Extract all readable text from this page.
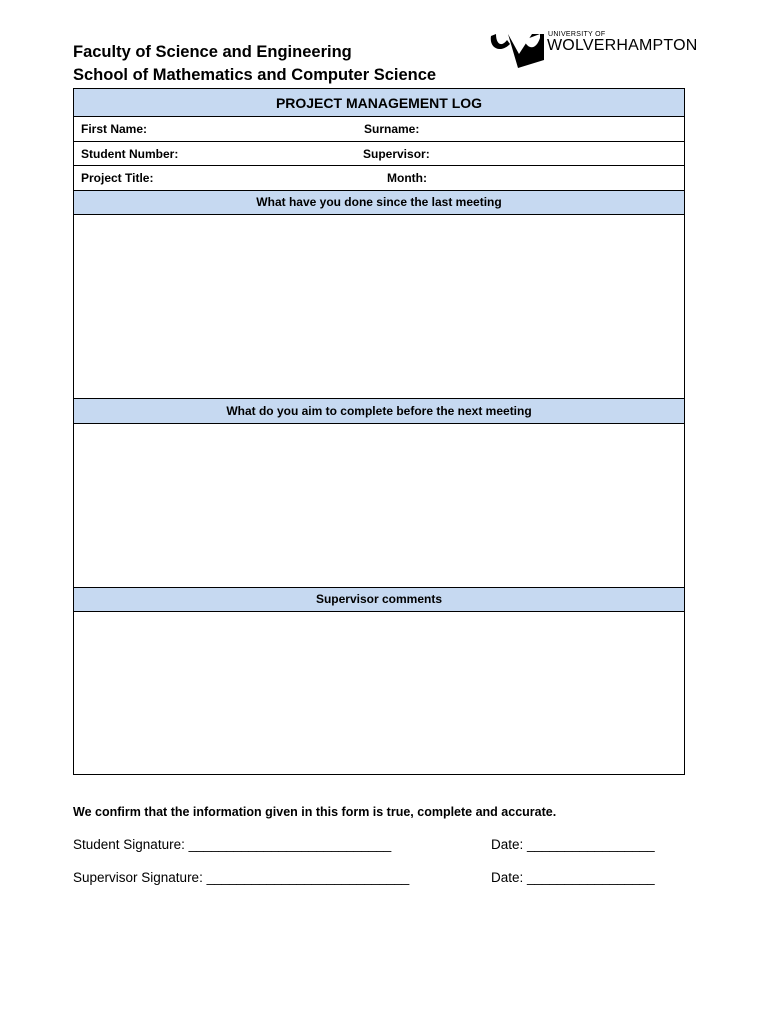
Faculty of Science and Engineering
School of Mathematics and Computer Science
UNIVERSITY OF
WOLVERHAMPTON
PROJECT MANAGEMENT LOG
First Name:	Surname:
Student Number:	Supervisor:
Project Title:	Month:
What have you done since the last meeting
What do you aim to complete before the next meeting
Supervisor comments
We confirm that the information given in this form is true, complete and accurate.
Student Signature: ___________________________	Date: _________________
Supervisor Signature: ___________________________	Date: _________________
